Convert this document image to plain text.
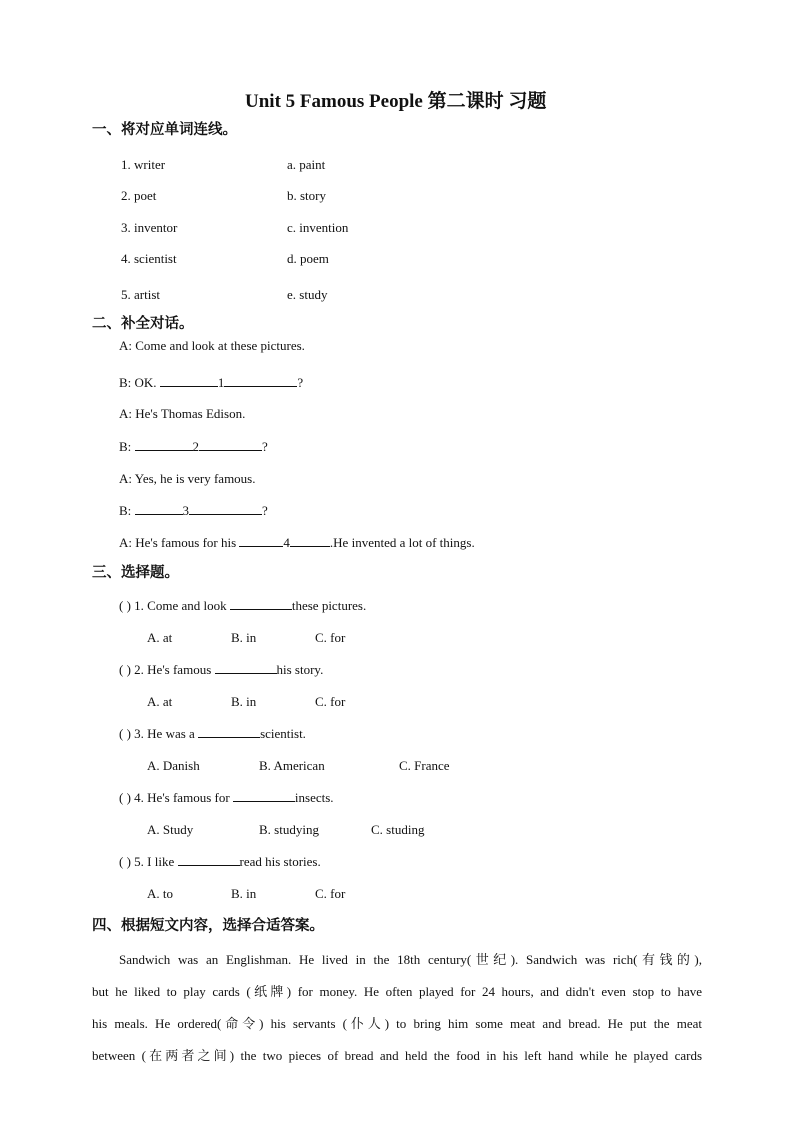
Unit 5 Famous People 第二课时 习题
一、将对应单词连线。
1. writer	a. paint
2. poet	b. story
3. inventor	c. invention
4. scientist	d. poem
5. artist	e. study
二、补全对话。
A: Come and look at these pictures.
B: OK.	1	?
A: He's Thomas Edison.
B:	2	?
A: Yes, he is very famous.
B:	3	?
A: He's famous for his	4	.He invented a lot of things.
三、选择题。
( ) 1. Come and look	these pictures.
A. at	B. in	C. for
( ) 2. He's famous	his story.
A. at	B. in	C. for
( ) 3. He was a	scientist.
A. Danish	B. American	C. France
( ) 4. He's famous for	insects.
A. Study	B. studying	C. studing
( ) 5. I like	read his stories.
A. to	B. in	C. for
四、根据短文内容，选择合适答案。
Sandwich was an Englishman. He lived in the 18th century(世纪). Sandwich was rich(有钱的),
but he liked to play cards (纸牌) for money. He often played for 24 hours, and didn't even stop to have
his meals. He ordered(命令) his servants (仆人) to bring him some meat and bread. He put the meat
between (在两者之间) the two pieces of bread and held the food in his left hand while he played cards
